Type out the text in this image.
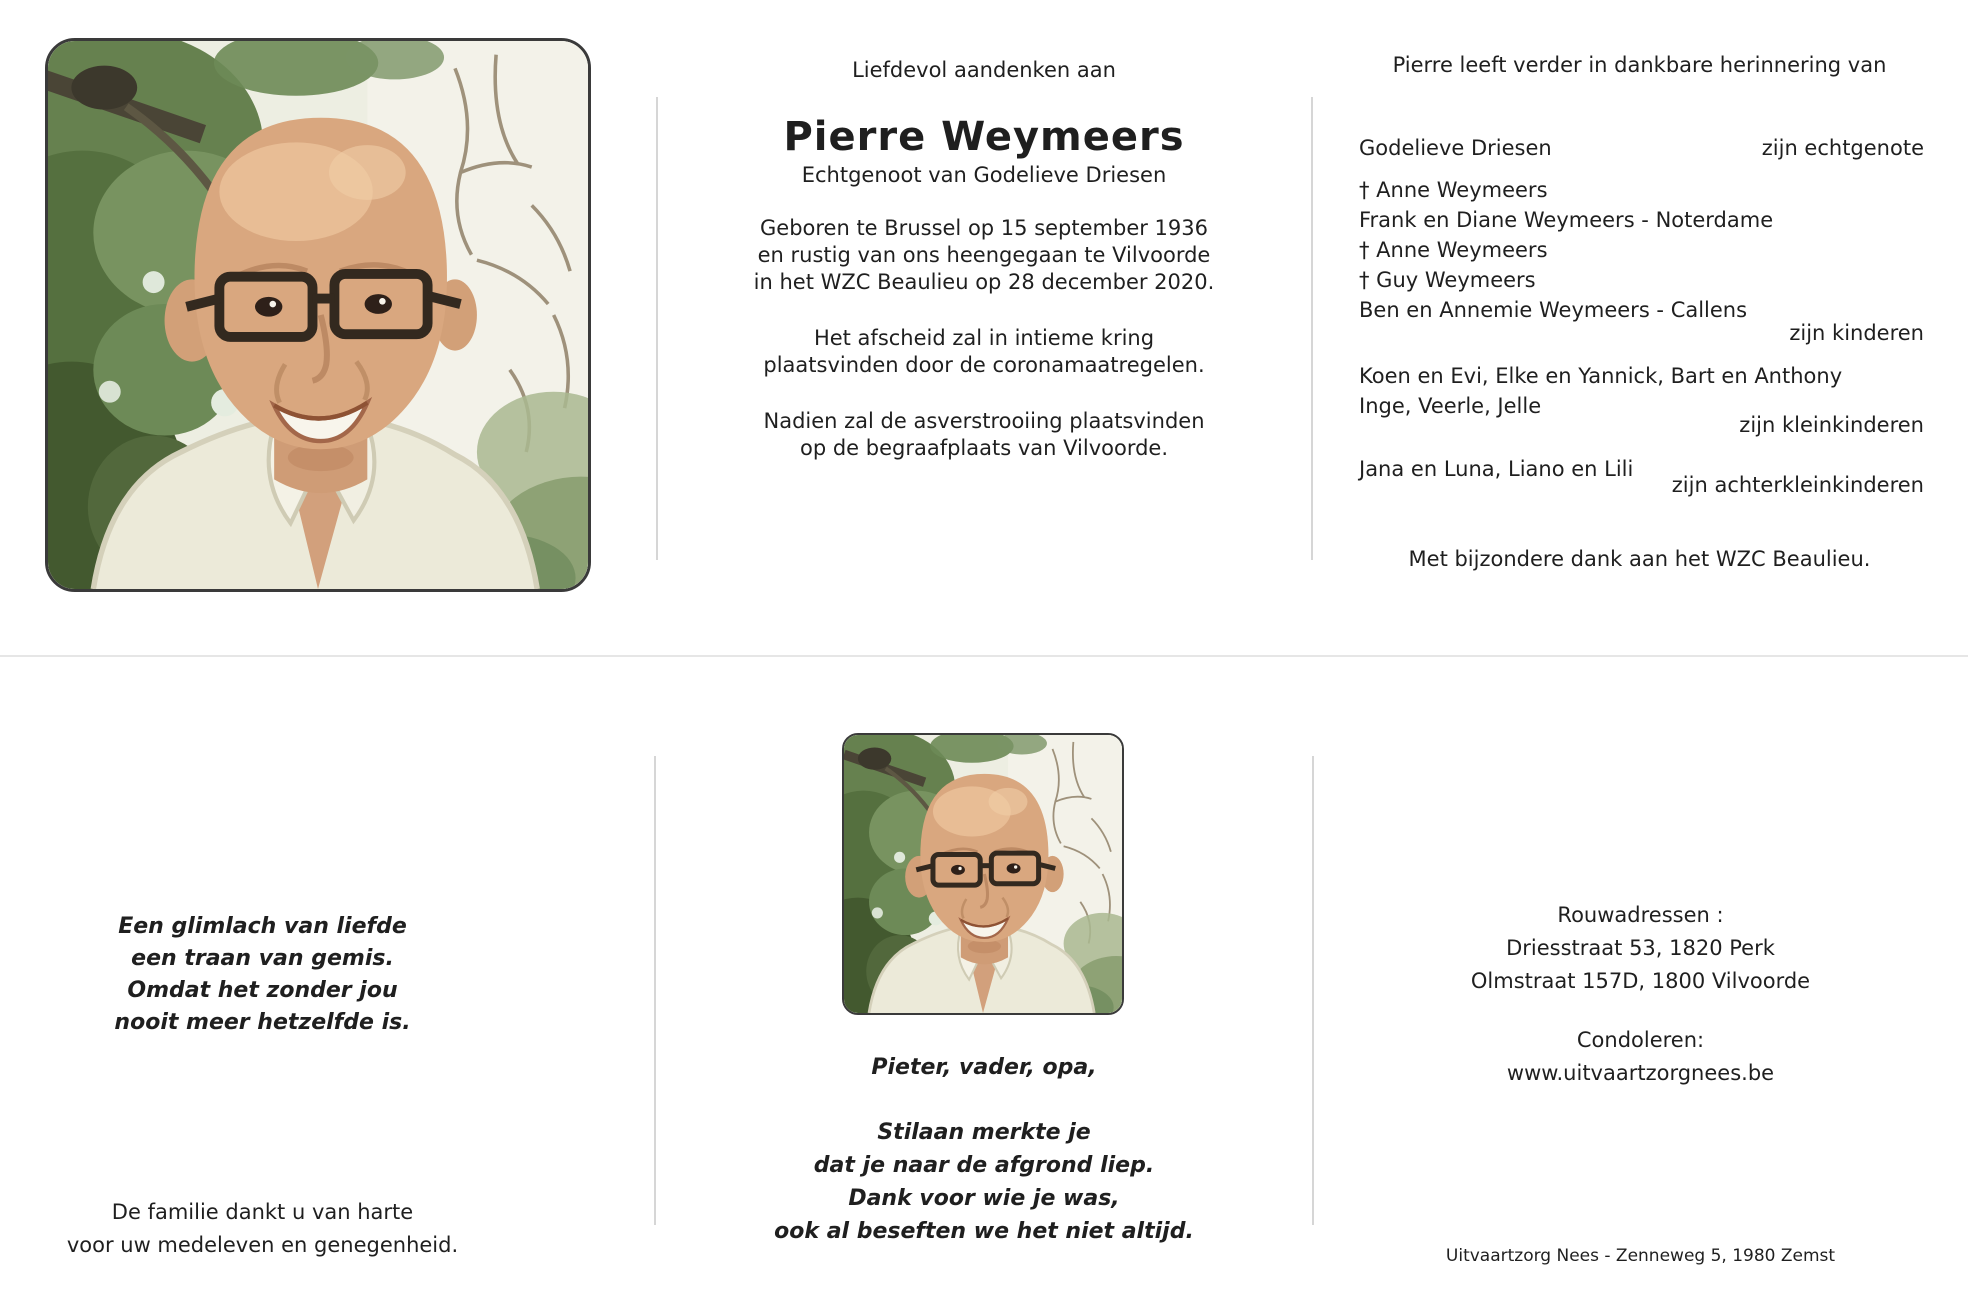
Liefdevol aandenken aan
Pierre Weymeers
Echtgenoot van Godelieve Driesen
Geboren te Brussel op 15 september 1936
en rustig van ons heengegaan te Vilvoorde
in het WZC Beaulieu op 28 december 2020.
Het afscheid zal in intieme kring
plaatsvinden door de coronamaatregelen.
Nadien zal de asverstrooiing plaatsvinden
op de begraafplaats van Vilvoorde.
Pierre leeft verder in dankbare herinnering van
Godelieve Driesen	zijn echtgenote
† Anne Weymeers
Frank en Diane Weymeers - Noterdame
† Anne Weymeers
† Guy Weymeers
Ben en Annemie Weymeers - Callens
zijn kinderen
Koen en Evi, Elke en Yannick, Bart en Anthony
Inge, Veerle, Jelle
zijn kleinkinderen
Jana en Luna, Liano en Lili
zijn achterkleinkinderen
Met bijzondere dank aan het WZC Beaulieu.
Een glimlach van liefde
een traan van gemis.
Omdat het zonder jou
nooit meer hetzelfde is.
De familie dankt u van harte
voor uw medeleven en genegenheid.
Pieter, vader, opa,
Stilaan merkte je
dat je naar de afgrond liep.
Dank voor wie je was,
ook al beseften we het niet altijd.
Rouwadressen :
Driesstraat 53, 1820 Perk
Olmstraat 157D, 1800 Vilvoorde
Condoleren:
www.uitvaartzorgnees.be
Uitvaartzorg Nees - Zenneweg 5, 1980 Zemst
